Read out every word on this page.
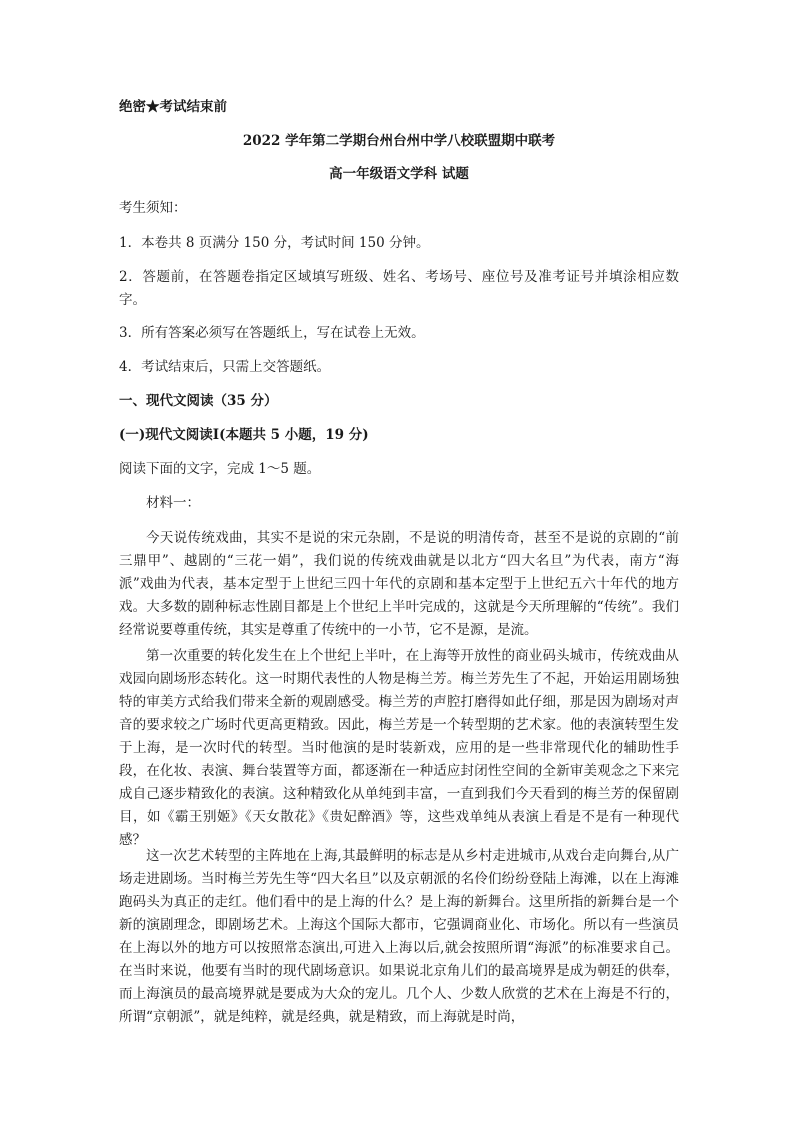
绝密★考试结束前

2022 学年第二学期台州台州中学八校联盟期中联考

高一年级语文学科 试题

考生须知：

1．本卷共 8 页满分 150 分，考试时间 150 分钟。

2．答题前，在答题卷指定区域填写班级、姓名、考场号、座位号及准考证号并填涂相应数字。

3．所有答案必须写在答题纸上，写在试卷上无效。

4．考试结束后，只需上交答题纸。

一、现代文阅读（35 分）

(一)现代文阅读Ⅰ(本题共 5 小题，19 分)

阅读下面的文字，完成 1～5 题。

材料一：

今天说传统戏曲，其实不是说的宋元杂剧，不是说的明清传奇，甚至不是说的京剧的“前三鼎甲”、越剧的“三花一娟”，我们说的传统戏曲就是以北方“四大名旦”为代表，南方“海派”戏曲为代表，基本定型于上世纪三四十年代的京剧和基本定型于上世纪五六十年代的地方戏。大多数的剧种标志性剧目都是上个世纪上半叶完成的，这就是今天所理解的“传统”。我们经常说要尊重传统，其实是尊重了传统中的一小节，它不是源，是流。

第一次重要的转化发生在上个世纪上半叶，在上海等开放性的商业码头城市，传统戏曲从戏园向剧场形态转化。这一时期代表性的人物是梅兰芳。梅兰芳先生了不起，开始运用剧场独特的审美方式给我们带来全新的观剧感受。梅兰芳的声腔打磨得如此仔细，那是因为剧场对声音的要求较之广场时代更高更精致。因此，梅兰芳是一个转型期的艺术家。他的表演转型生发于上海，是一次时代的转型。当时他演的是时装新戏，应用的是一些非常现代化的辅助性手段，在化妆、表演、舞台装置等方面，都逐渐在一种适应封闭性空间的全新审美观念之下来完成自己逐步精致化的表演。这种精致化从单纯到丰富，一直到我们今天看到的梅兰芳的保留剧目，如《霸王别姬》《天女散花》《贵妃醉酒》等，这些戏单纯从表演上看是不是有一种现代感？

这一次艺术转型的主阵地在上海,其最鲜明的标志是从乡村走进城市,从戏台走向舞台,从广场走进剧场。当时梅兰芳先生等“四大名旦”以及京朝派的名伶们纷纷登陆上海滩，以在上海滩跑码头为真正的走红。他们看中的是上海的什么？是上海的新舞台。这里所指的新舞台是一个新的演剧理念，即剧场艺术。上海这个国际大都市，它强调商业化、市场化。所以有一些演员在上海以外的地方可以按照常态演出,可进入上海以后,就会按照所谓“海派”的标准要求自己。在当时来说，他要有当时的现代剧场意识。如果说北京角儿们的最高境界是成为朝廷的供奉，而上海演员的最高境界就是要成为大众的宠儿。几个人、少数人欣赏的艺术在上海是不行的，所谓“京朝派”，就是纯粹，就是经典，就是精致，而上海就是时尚，
